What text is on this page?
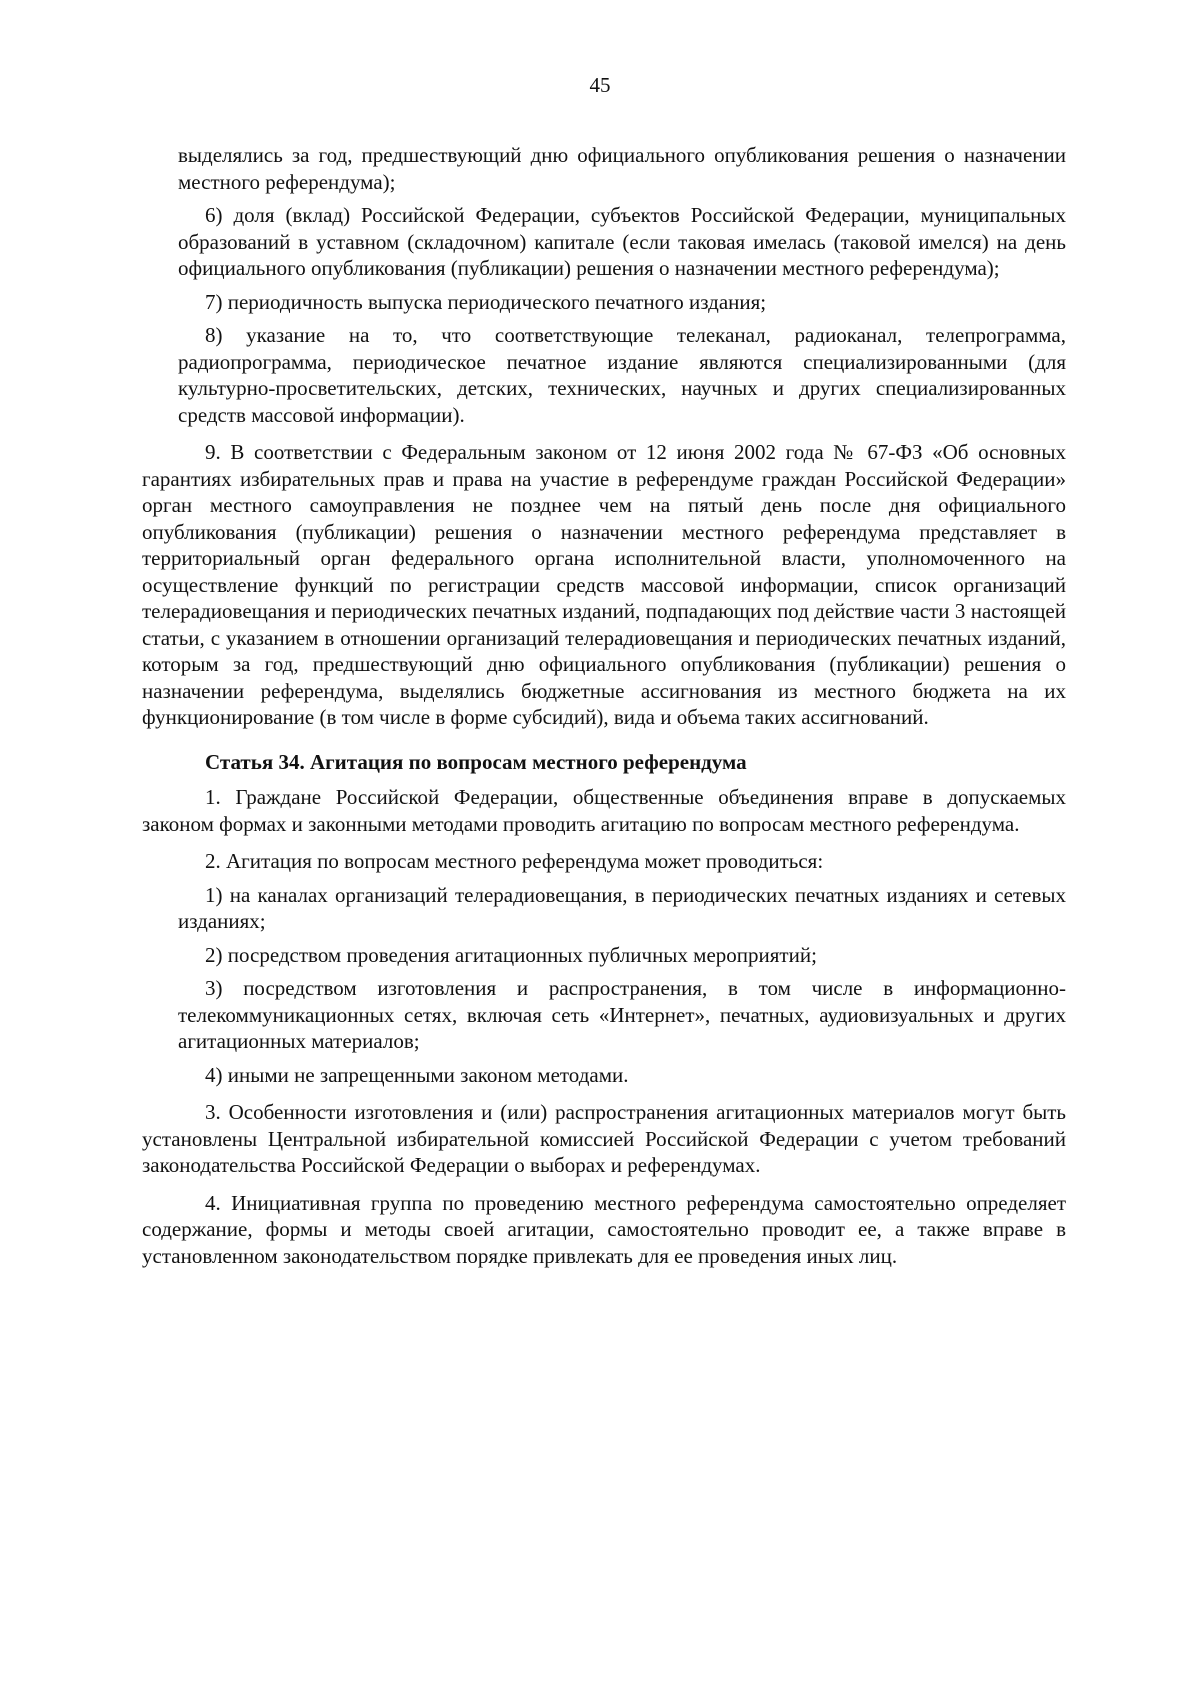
45

выделялись за год, предшествующий дню официального опубликования решения о назначении местного референдума);

6) доля (вклад) Российской Федерации, субъектов Российской Федерации, муниципальных образований в уставном (складочном) капитале (если таковая имелась (таковой имелся) на день официального опубликования (публикации) решения о назначении местного референдума);

7) периодичность выпуска периодического печатного издания;

8) указание на то, что соответствующие телеканал, радиоканал, телепрограмма, радиопрограмма, периодическое печатное издание являются специализированными (для культурно-просветительских, детских, технических, научных и других специализированных средств массовой информации).

9. В соответствии с Федеральным законом от 12 июня 2002 года № 67-ФЗ «Об основных гарантиях избирательных прав и права на участие в референдуме граждан Российской Федерации» орган местного самоуправления не позднее чем на пятый день после дня официального опубликования (публикации) решения о назначении местного референдума представляет в территориальный орган федерального органа исполнительной власти, уполномоченного на осуществление функций по регистрации средств массовой информации, список организаций телерадиовещания и периодических печатных изданий, подпадающих под действие части 3 настоящей статьи, с указанием в отношении организаций телерадиовещания и периодических печатных изданий, которым за год, предшествующий дню официального опубликования (публикации) решения о назначении референдума, выделялись бюджетные ассигнования из местного бюджета на их функционирование (в том числе в форме субсидий), вида и объема таких ассигнований.

Статья 34. Агитация по вопросам местного референдума

1. Граждане Российской Федерации, общественные объединения вправе в допускаемых законом формах и законными методами проводить агитацию по вопросам местного референдума.

2. Агитация по вопросам местного референдума может проводиться:

1) на каналах организаций телерадиовещания, в периодических печатных изданиях и сетевых изданиях;

2) посредством проведения агитационных публичных мероприятий;

3) посредством изготовления и распространения, в том числе в информационно-телекоммуникационных сетях, включая сеть «Интернет», печатных, аудиовизуальных и других агитационных материалов;

4) иными не запрещенными законом методами.

3. Особенности изготовления и (или) распространения агитационных материалов могут быть установлены Центральной избирательной комиссией Российской Федерации с учетом требований законодательства Российской Федерации о выборах и референдумах.

4. Инициативная группа по проведению местного референдума самостоятельно определяет содержание, формы и методы своей агитации, самостоятельно проводит ее, а также вправе в установленном законодательством порядке привлекать для ее проведения иных лиц.
